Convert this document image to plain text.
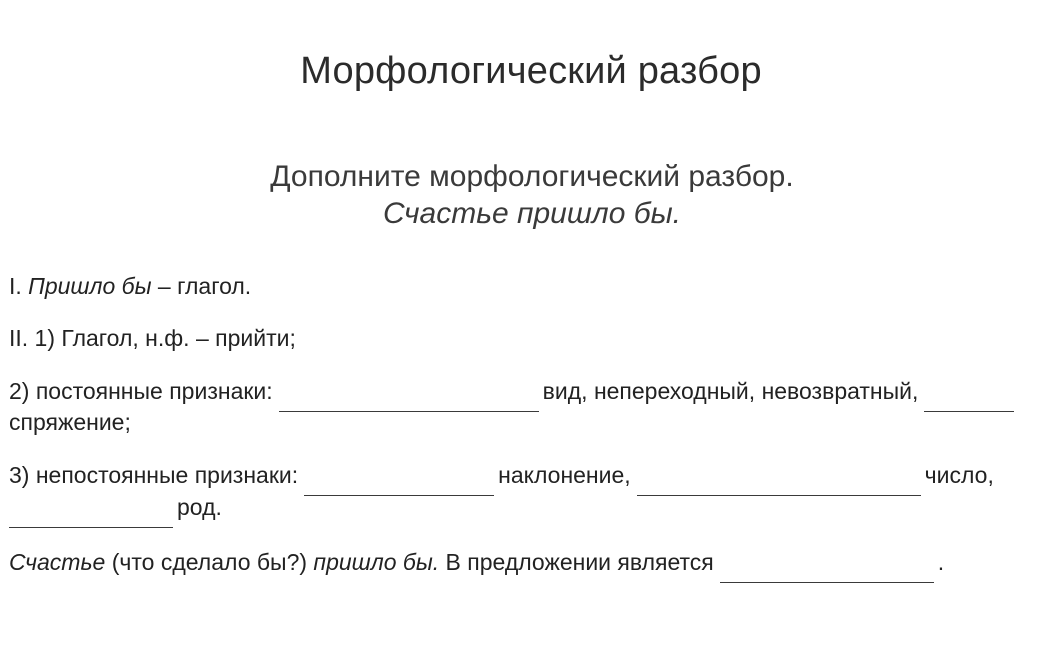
Морфологический разбор
Дополните морфологический разбор.
Счастье пришло бы.
I. Пришло бы – глагол.
II. 1) Глагол, н.ф. – прийти;
2) постоянные признаки:	вид, непереходный, невозвратный,
спряжение;
3) непостоянные признаки:	наклонение,	число,
род.
Счастье (что сделало бы?) пришло бы. В предложении является	.
